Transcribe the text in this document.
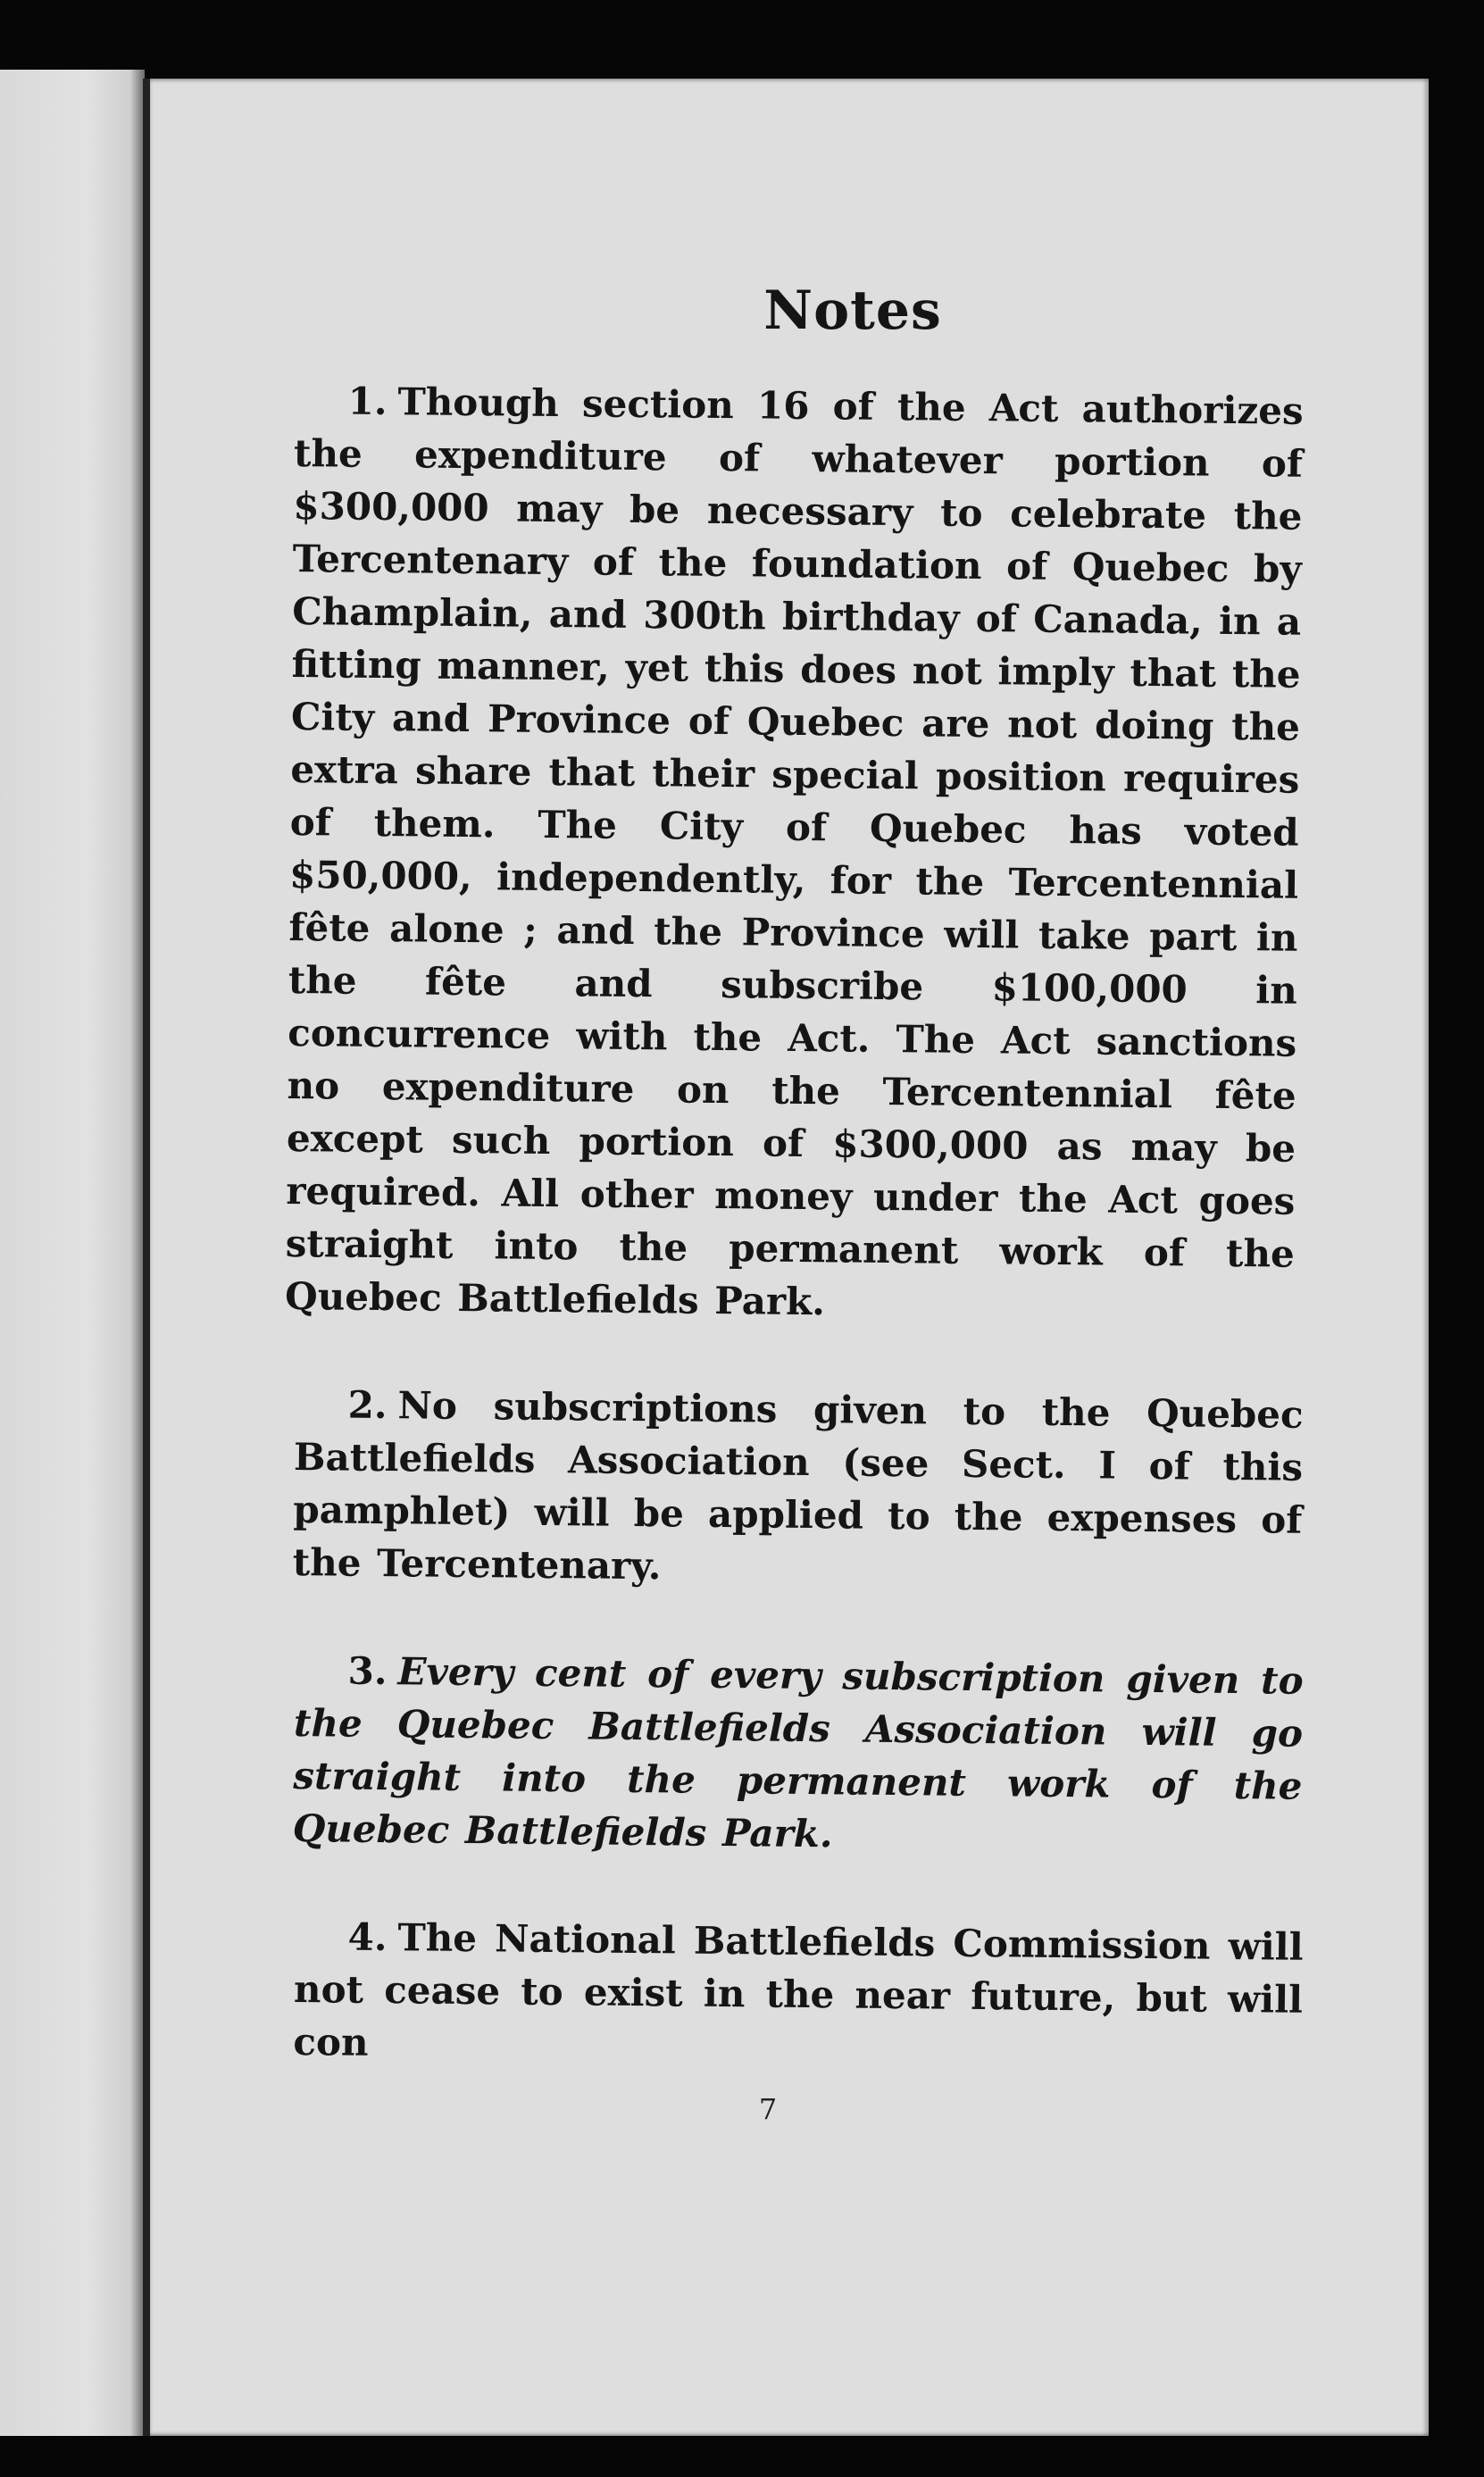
Notes

1. Though section 16 of the Act authorizes the expenditure of whatever portion of $300,000 may be necessary to celebrate the Tercentenary of the foundation of Quebec by Champlain, and 300th birthday of Canada, in a fitting manner, yet this does not imply that the City and Province of Quebec are not doing the extra share that their special position requires of them. The City of Quebec has voted $50,000, independently, for the Tercentennial fête alone ; and the Province will take part in the fête and subscribe $100,000 in concurrence with the Act. The Act sanctions no expenditure on the Tercentennial fête except such portion of $300,000 as may be required. All other money under the Act goes straight into the permanent work of the Quebec Battlefields Park.

2. No subscriptions given to the Quebec Battlefields Association (see Sect. I of this pamphlet) will be applied to the expenses of the Tercentenary.

3. Every cent of every subscription given to the Quebec Battlefields Association will go straight into the permanent work of the Quebec Battlefields Park.

4. The National Battlefields Commission will not cease to exist in the near future, but will con

7
